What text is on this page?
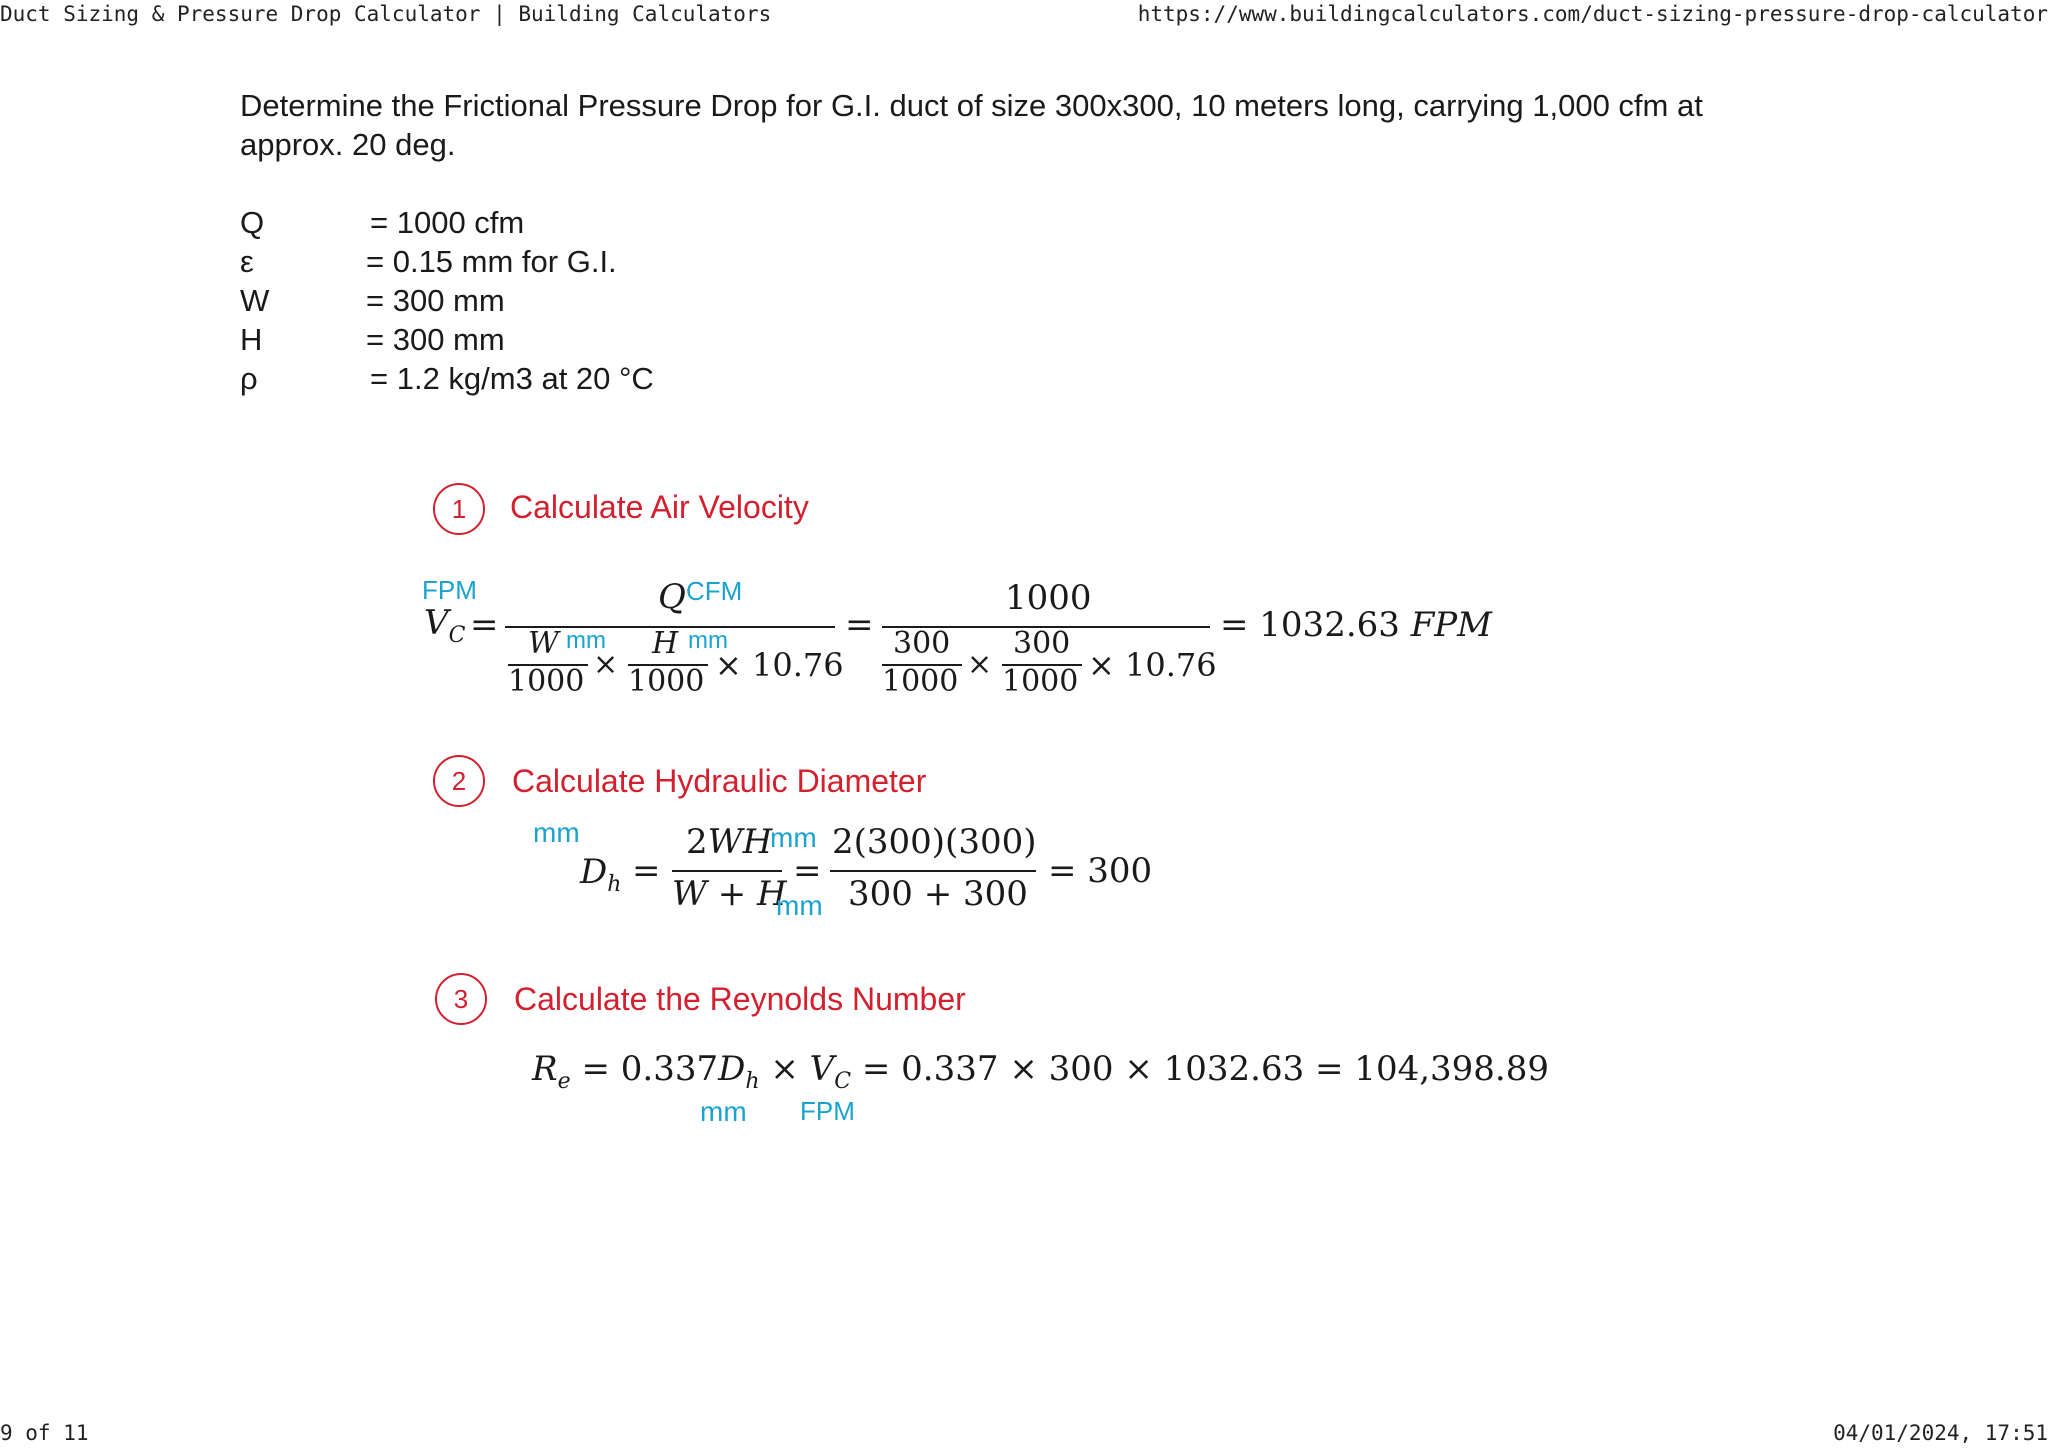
Duct Sizing & Pressure Drop Calculator | Building Calculators	https://www.buildingcalculators.com/duct-sizing-pressure-drop-calculator
Determine the Frictional Pressure Drop for G.I. duct of size 300x300, 10 meters long, carrying 1,000 cfm at approx. 20 deg.
Q	= 1000 cfm
ε	= 0.15 mm for G.I.
W	= 300 mm
H	= 300 mm
ρ	= 1.2 kg/m3 at 20 °C
1	Calculate Air Velocity
FPM
$V_C$ =
Q CFM
W mm
1000 ×
H mm
1000 × 10.76
=
1000
300
1000 ×
300
1000 × 10.76
= 1032.63 FPM
2	Calculate Hydraulic Diameter
mm
$D_h$ =
2WH
mm
W + H
mm
=
2(300)(300)
300 + 300
= 300
3	Calculate the Reynolds Number
$R_e = 0.337D_h \times V_C = 0.337 \times 300 \times 1032.63 = 104,398.89$
mm FPM
9 of 11	04/01/2024, 17:51
